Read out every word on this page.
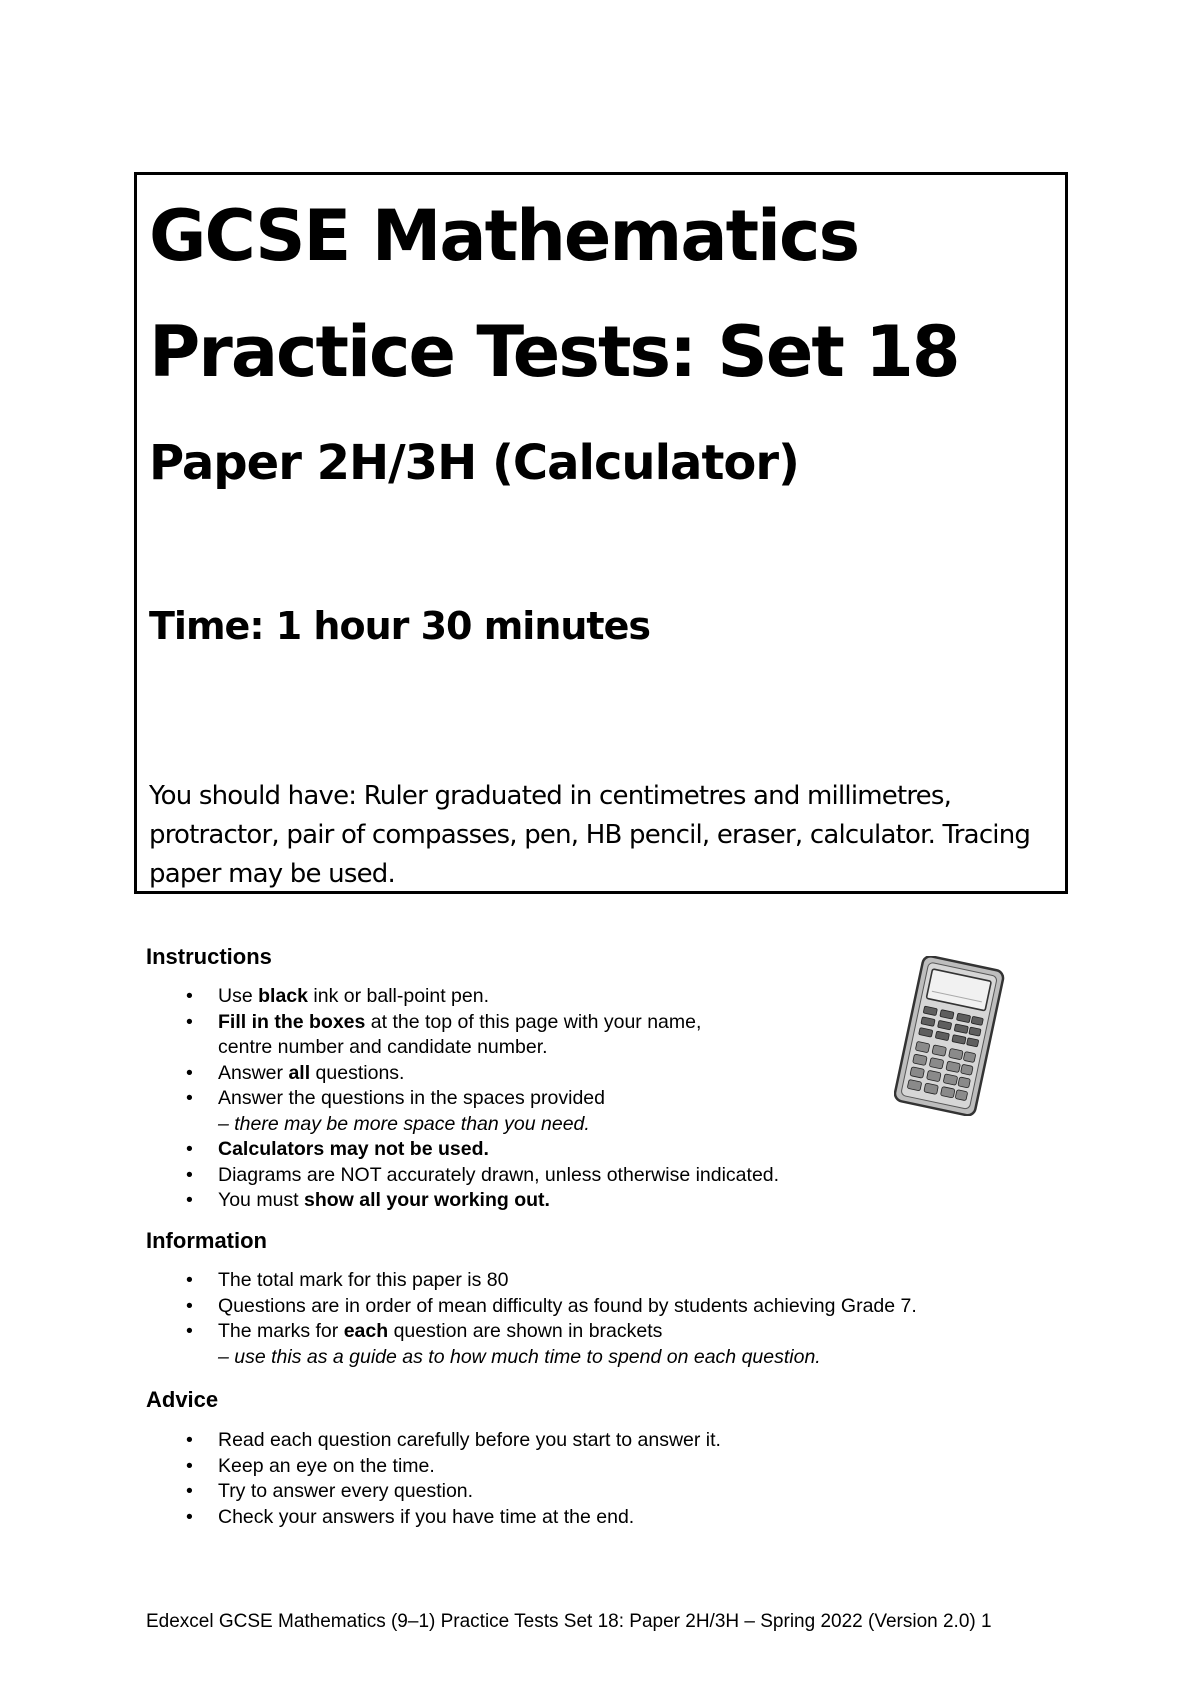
GCSE Mathematics
Practice Tests: Set 18
Paper 2H/3H (Calculator)
Time: 1 hour 30 minutes

You should have: Ruler graduated in centimetres and millimetres, protractor, pair of compasses, pen, HB pencil, eraser, calculator. Tracing paper may be used.

Instructions
• Use black ink or ball-point pen.
• Fill in the boxes at the top of this page with your name,
centre number and candidate number.
• Answer all questions.
• Answer the questions in the spaces provided
– there may be more space than you need.
• Calculators may not be used.
• Diagrams are NOT accurately drawn, unless otherwise indicated.
• You must show all your working out.
Information
• The total mark for this paper is 80
• Questions are in order of mean difficulty as found by students achieving Grade 7.
• The marks for each question are shown in brackets
– use this as a guide as to how much time to spend on each question.
Advice
• Read each question carefully before you start to answer it.
• Keep an eye on the time.
• Try to answer every question.
• Check your answers if you have time at the end.

Edexcel GCSE Mathematics (9–1) Practice Tests Set 18: Paper 2H/3H – Spring 2022 (Version 2.0) 1
